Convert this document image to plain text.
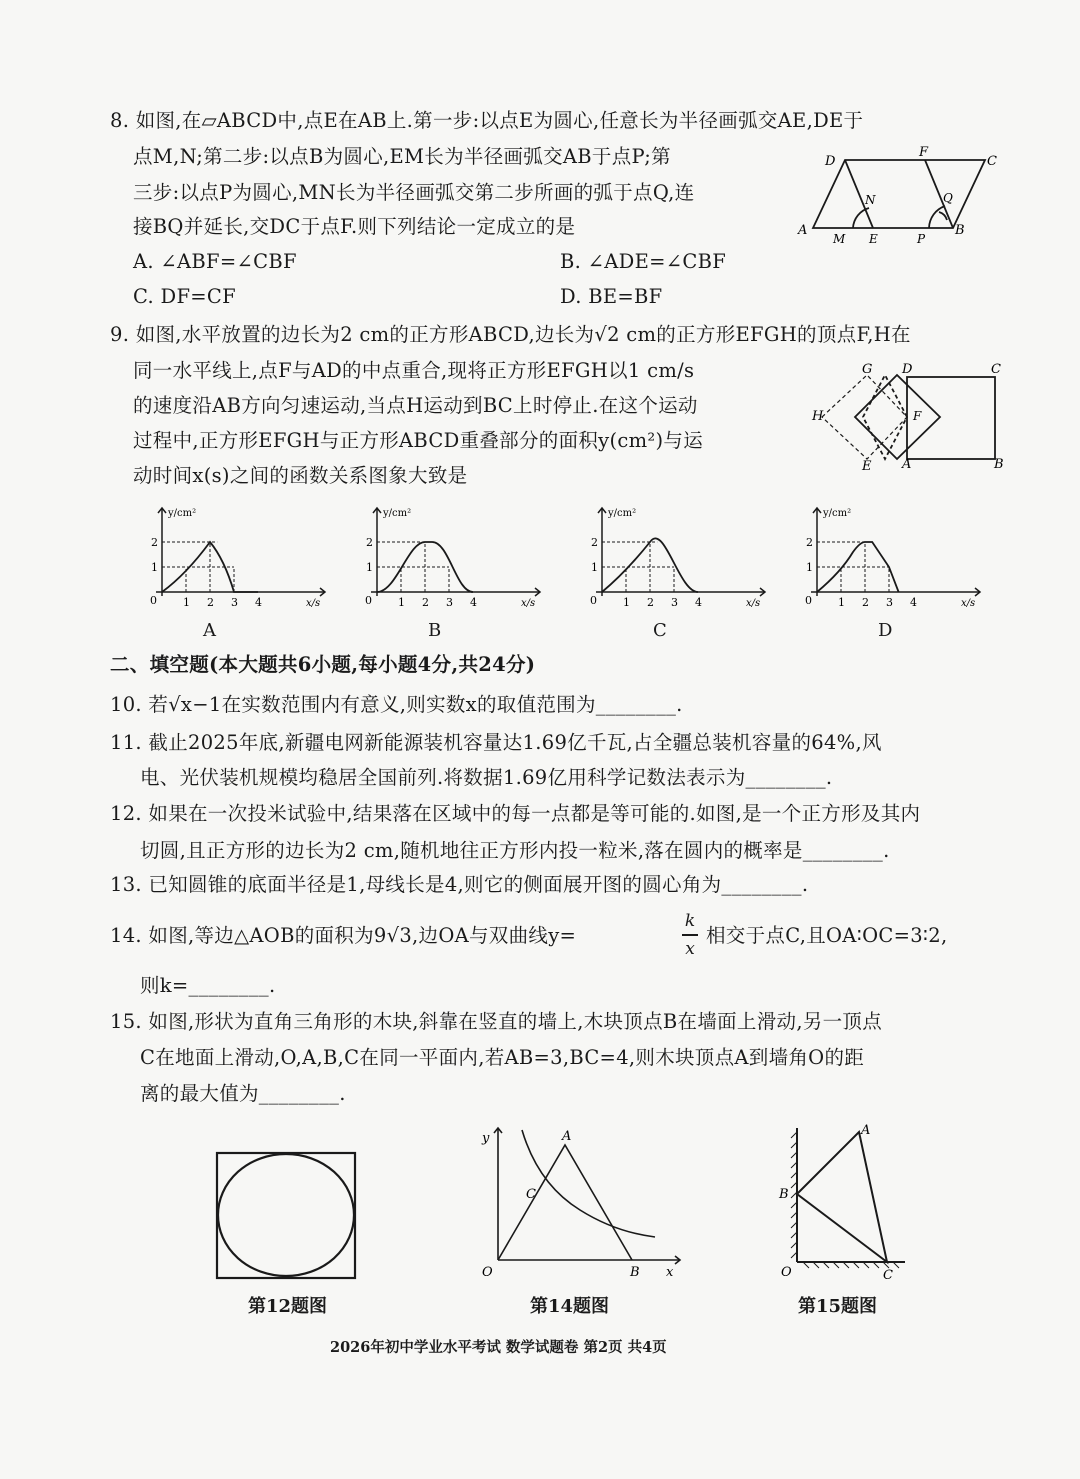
8. 如图,在▱ABCD中,点E在AB上.第一步:以点E为圆心,任意长为半径画弧交AE,DE于
点M,N;第二步:以点B为圆心,EM长为半径画弧交AB于点P;第
三步:以点P为圆心,MN长为半径画弧交第二步所画的弧于点Q,连
接BQ并延长,交DC于点F.则下列结论一定成立的是
A. ∠ABF=∠CBF	B. ∠ADE=∠CBF
C. DF=CF	D. BE=BF
D
F
C
N	Q
A
M E	P
B
9. 如图,水平放置的边长为2 cm的正方形ABCD,边长为√2 cm的正方形EFGH的顶点F,H在
同一水平线上,点F与AD的中点重合,现将正方形EFGH以1 cm/s
的速度沿AB方向匀速运动,当点H运动到BC上时停止.在这个运动
过程中,正方形EFGH与正方形ABCD重叠部分的面积y(cm²)与运
动时间x(s)之间的函数关系图象大致是
G D	C
H	F
E A	B
y/cm²
x/s
0 1 2 3 4
1
2
y/cm²
x/s
0 1 2 3 4
1
2
y/cm²
x/s
0 1 2 3 4
1
2
y/cm²
x/s
0 1 2 3 4
1
2
A	B	C	D
二、填空题(本大题共6小题,每小题4分,共24分)
10. 若√x−1在实数范围内有意义,则实数x的取值范围为________.
11. 截止2025年底,新疆电网新能源装机容量达1.69亿千瓦,占全疆总装机容量的64%,风
电、光伏装机规模均稳居全国前列.将数据1.69亿用科学记数法表示为________.
12. 如果在一次投米试验中,结果落在区域中的每一点都是等可能的.如图,是一个正方形及其内
切圆,且正方形的边长为2 cm,随机地往正方形内投一粒米,落在圆内的概率是________.
13. 已知圆锥的底面半径是1,母线长是4,则它的侧面展开图的圆心角为________.
14. 如图,等边△AOB的面积为9√3,边OA与双曲线y=
k
x
相交于点C,且OA∶OC=3∶2,
则k=________.
15. 如图,形状为直角三角形的木块,斜靠在竖直的墙上,木块顶点B在墙面上滑动,另一顶点
C在地面上滑动,O,A,B,C在同一平面内,若AB=3,BC=4,则木块顶点A到墙角O的距
离的最大值为________.
第12题图
y	A
C
O	B x
第14题图
A
B
O	C
第15题图
2026年初中学业水平考试 数学试题卷 第2页 共4页
